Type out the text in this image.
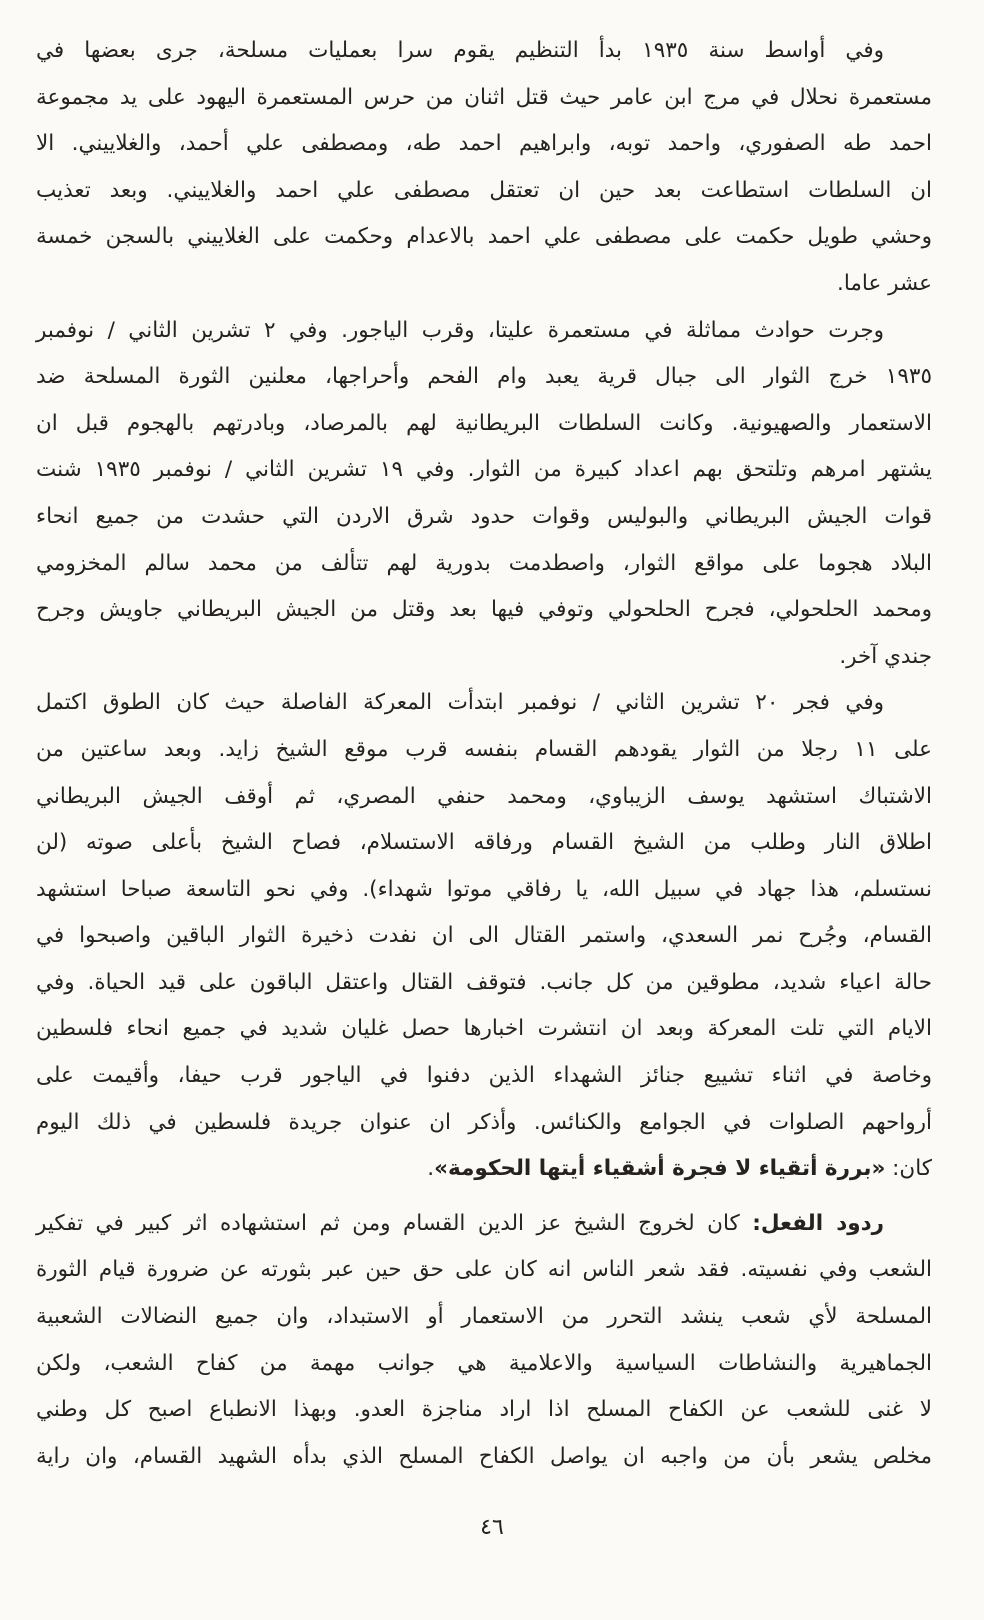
وفي أواسط سنة ١٩٣٥ بدأ التنظيم يقوم سرا بعمليات مسلحة، جرى بعضها في
مستعمرة نحلال في مرج ابن عامر حيث قتل اثنان من حرس المستعمرة اليهود على يد مجموعة
احمد طه الصفوري، واحمد توبه، وابراهيم احمد طه، ومصطفى علي أحمد، والغلاييني. الا
ان السلطات استطاعت بعد حين ان تعتقل مصطفى علي احمد والغلاييني. وبعد تعذيب
وحشي طويل حكمت على مصطفى علي احمد بالاعدام وحكمت على الغلاييني بالسجن خمسة
عشر عاما.
وجرت حوادث مماثلة في مستعمرة عليتا، وقرب الياجور. وفي ٢ تشرين الثاني / نوفمبر
١٩٣٥ خرج الثوار الى جبال قرية يعبد وام الفحم وأحراجها، معلنين الثورة المسلحة ضد
الاستعمار والصهيونية. وكانت السلطات البريطانية لهم بالمرصاد، وبادرتهم بالهجوم قبل ان
يشتهر امرهم وتلتحق بهم اعداد كبيرة من الثوار. وفي ١٩ تشرين الثاني / نوفمبر ١٩٣٥ شنت
قوات الجيش البريطاني والبوليس وقوات حدود شرق الاردن التي حشدت من جميع انحاء
البلاد هجوما على مواقع الثوار، واصطدمت بدورية لهم تتألف من محمد سالم المخزومي
ومحمد الحلحولي، فجرح الحلحولي وتوفي فيها بعد وقتل من الجيش البريطاني جاويش وجرح
جندي آخر.
وفي فجر ٢٠ تشرين الثاني / نوفمبر ابتدأت المعركة الفاصلة حيث كان الطوق اكتمل
على ١١ رجلا من الثوار يقودهم القسام بنفسه قرب موقع الشيخ زايد. وبعد ساعتين من
الاشتباك استشهد يوسف الزيباوي، ومحمد حنفي المصري، ثم أوقف الجيش البريطاني
اطلاق النار وطلب من الشيخ القسام ورفاقه الاستسلام، فصاح الشيخ بأعلى صوته (لن
نستسلم، هذا جهاد في سبيل الله، يا رفاقي موتوا شهداء). وفي نحو التاسعة صباحا استشهد
القسام، وجُرح نمر السعدي، واستمر القتال الى ان نفدت ذخيرة الثوار الباقين واصبحوا في
حالة اعياء شديد، مطوقين من كل جانب. فتوقف القتال واعتقل الباقون على قيد الحياة. وفي
الايام التي تلت المعركة وبعد ان انتشرت اخبارها حصل غليان شديد في جميع انحاء فلسطين
وخاصة في اثناء تشييع جنائز الشهداء الذين دفنوا في الياجور قرب حيفا، وأقيمت على
أرواحهم الصلوات في الجوامع والكنائس. وأذكر ان عنوان جريدة فلسطين في ذلك اليوم
كان: «بررة أتقياء لا فجرة أشقياء أيتها الحكومة».
ردود الفعل: كان لخروج الشيخ عز الدين القسام ومن ثم استشهاده اثر كبير في تفكير
الشعب وفي نفسيته. فقد شعر الناس انه كان على حق حين عبر بثورته عن ضرورة قيام الثورة
المسلحة لأي شعب ينشد التحرر من الاستعمار أو الاستبداد، وان جميع النضالات الشعبية
الجماهيرية والنشاطات السياسية والاعلامية هي جوانب مهمة من كفاح الشعب، ولكن
لا غنى للشعب عن الكفاح المسلح اذا اراد مناجزة العدو. وبهذا الانطباع اصبح كل وطني
مخلص يشعر بأن من واجبه ان يواصل الكفاح المسلح الذي بدأه الشهيد القسام، وان راية
٤٦
